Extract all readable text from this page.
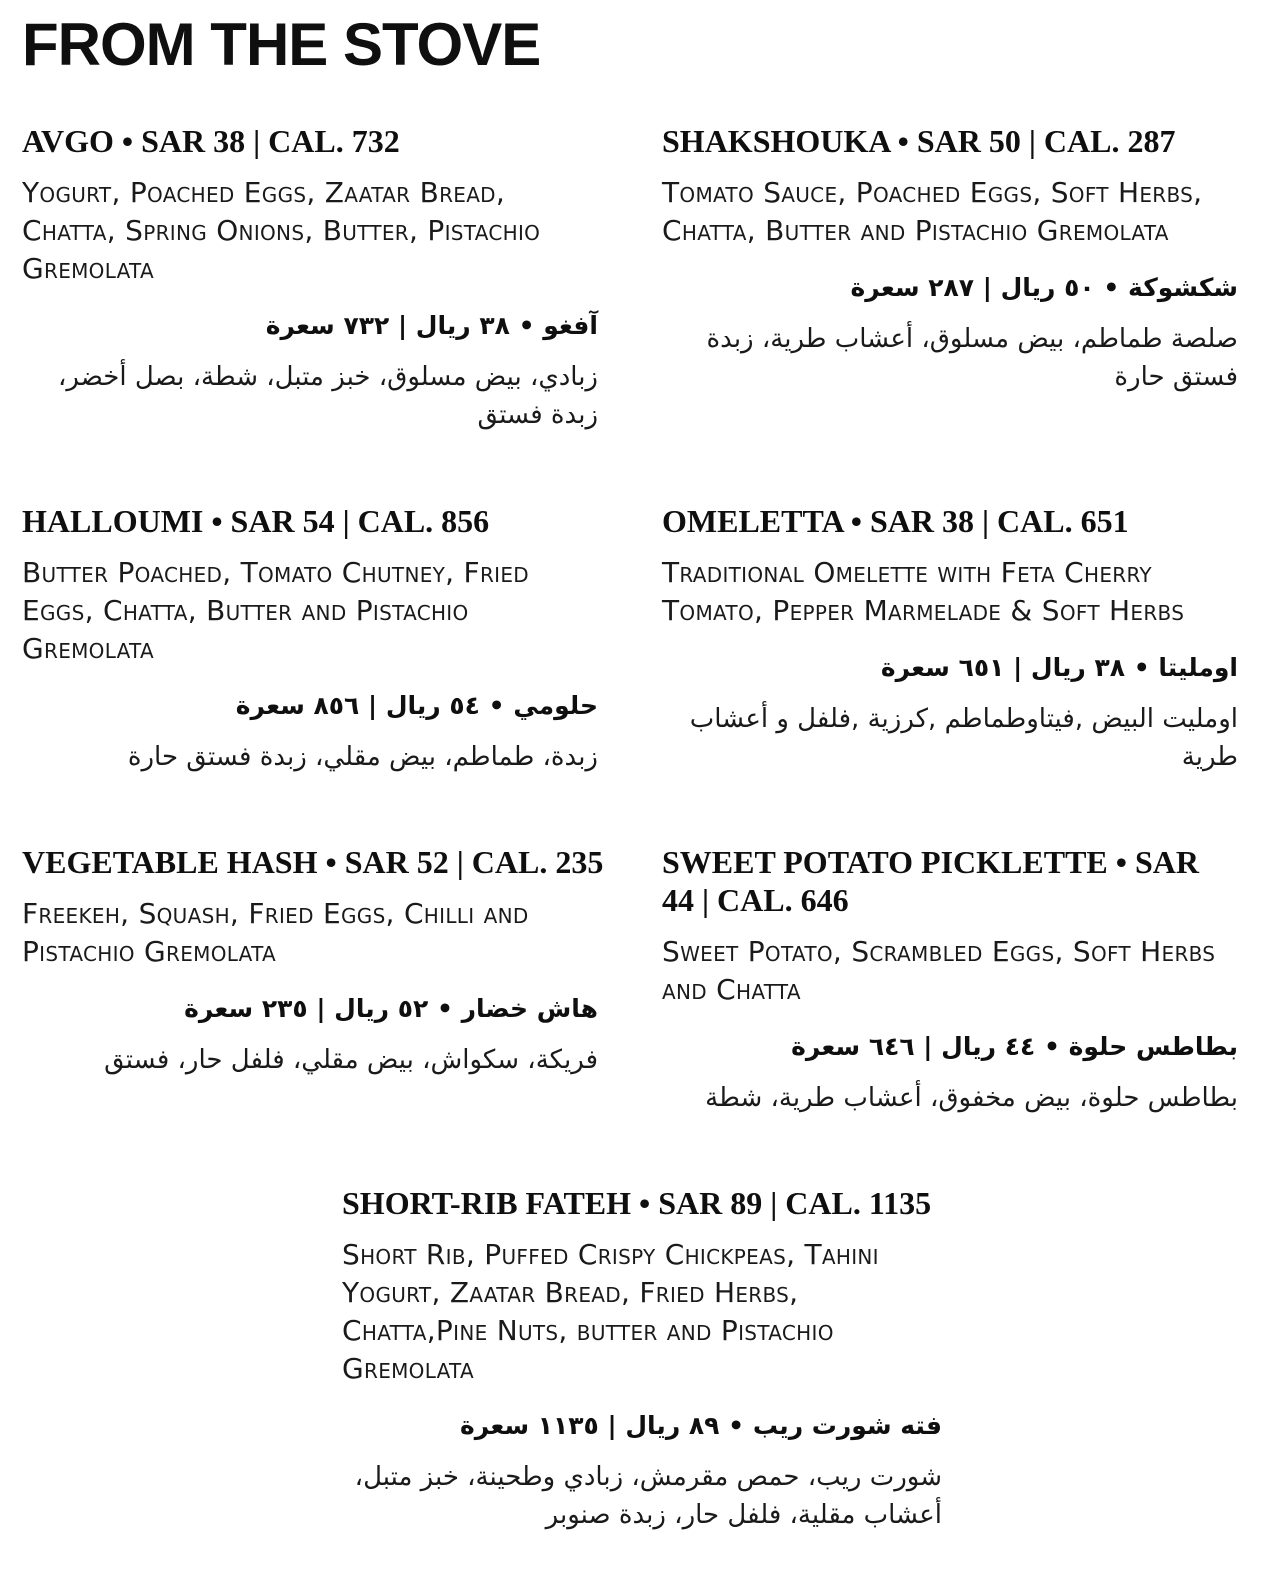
FROM THE STOVE
AVGO • SAR 38 | CAL. 732

Yogurt, Poached Eggs, Zaatar Bread, Chatta, Spring Onions, Butter, Pistachio Gremolata

آفغو • ٣٨ ريال | ٧٣٢ سعرة

زبادي، بيض مسلوق، خبز متبل، شطة، بصل أخضر، زبدة فستق

SHAKSHOUKA • SAR 50 | CAL. 287

Tomato Sauce, Poached Eggs, Soft Herbs, Chatta, Butter and Pistachio Gremolata

شكشوكة • ٥٠ ريال | ٢٨٧ سعرة

صلصة طماطم، بيض مسلوق، أعشاب طرية، زبدة فستق حارة

HALLOUMI • SAR 54 | CAL. 856

Butter Poached, Tomato Chutney, Fried Eggs, Chatta, Butter and Pistachio Gremolata

حلومي • ٥٤ ريال | ٨٥٦ سعرة

زبدة، طماطم، بيض مقلي، زبدة فستق حارة

OMELETTA • SAR 38 | CAL. 651

Traditional Omelette with Feta Cherry Tomato, Pepper Marmelade & Soft Herbs

اومليتا • ٣٨ ريال | ٦٥١ سعرة

اومليت البيض ,فيتاوطماطم ,كرزية ,فلفل و أعشاب طرية

VEGETABLE HASH • SAR 52 | CAL. 235

Freekeh, Squash, Fried Eggs, Chilli and Pistachio Gremolata

هاش خضار • ٥٢ ريال | ٢٣٥ سعرة

فريكة، سكواش، بيض مقلي، فلفل حار، فستق

SWEET POTATO PICKLETTE • SAR 44 | CAL. 646

Sweet Potato, Scrambled Eggs, Soft Herbs and Chatta

بطاطس حلوة • ٤٤ ريال | ٦٤٦ سعرة

بطاطس حلوة، بيض مخفوق، أعشاب طرية، شطة

SHORT-RIB FATEH • SAR 89 | CAL. 1135

Short Rib, Puffed Crispy Chickpeas, Tahini Yogurt, Zaatar Bread, Fried Herbs, Chatta,Pine Nuts, butter and Pistachio Gremolata

فته شورت ريب • ٨٩ ريال | ١١٣٥ سعرة

شورت ريب، حمص مقرمش، زبادي وطحينة، خبز متبل، أعشاب مقلية، فلفل حار، زبدة صنوبر
